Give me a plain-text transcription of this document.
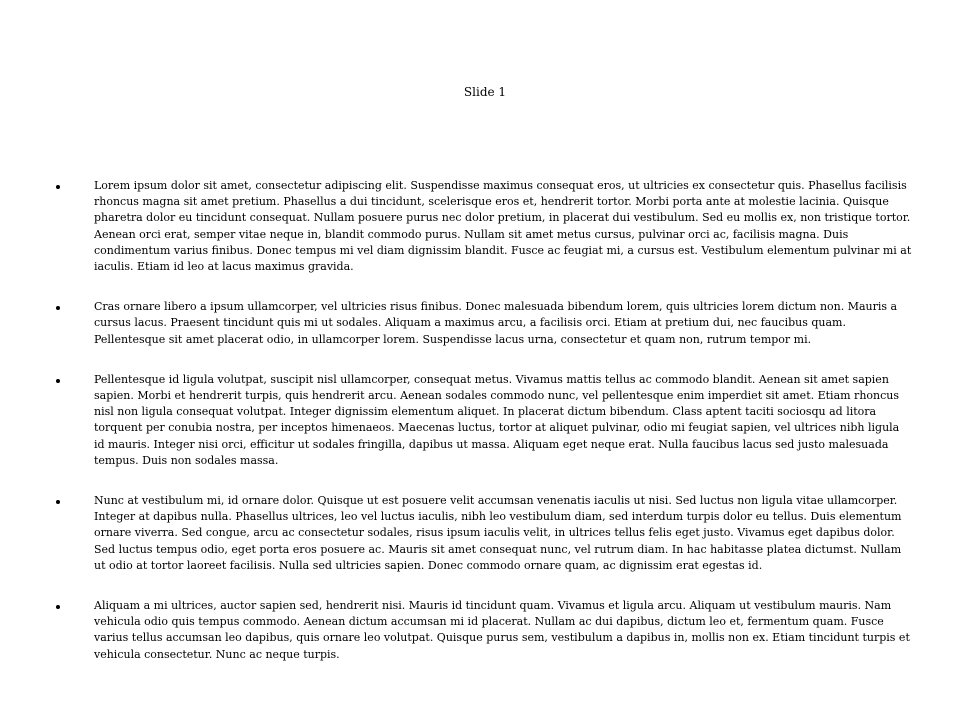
Slide 1
Lorem ipsum dolor sit amet, consectetur adipiscing elit. Suspendisse maximus consequat eros, ut ultricies ex consectetur quis. Phasellus facilisis rhoncus magna sit amet pretium. Phasellus a dui tincidunt, scelerisque eros et, hendrerit tortor. Morbi porta ante at molestie lacinia. Quisque pharetra dolor eu tincidunt consequat. Nullam posuere purus nec dolor pretium, in placerat dui vestibulum. Sed eu mollis ex, non tristique tortor. Aenean orci erat, semper vitae neque in, blandit commodo purus. Nullam sit amet metus cursus, pulvinar orci ac, facilisis magna. Duis condimentum varius finibus. Donec tempus mi vel diam dignissim blandit. Fusce ac feugiat mi, a cursus est. Vestibulum elementum pulvinar mi at iaculis. Etiam id leo at lacus maximus gravida.
Cras ornare libero a ipsum ullamcorper, vel ultricies risus finibus. Donec malesuada bibendum lorem, quis ultricies lorem dictum non. Mauris a cursus lacus. Praesent tincidunt quis mi ut sodales. Aliquam a maximus arcu, a facilisis orci. Etiam at pretium dui, nec faucibus quam. Pellentesque sit amet placerat odio, in ullamcorper lorem. Suspendisse lacus urna, consectetur et quam non, rutrum tempor mi.
Pellentesque id ligula volutpat, suscipit nisl ullamcorper, consequat metus. Vivamus mattis tellus ac commodo blandit. Aenean sit amet sapien sapien. Morbi et hendrerit turpis, quis hendrerit arcu. Aenean sodales commodo nunc, vel pellentesque enim imperdiet sit amet. Etiam rhoncus nisl non ligula consequat volutpat. Integer dignissim elementum aliquet. In placerat dictum bibendum. Class aptent taciti sociosqu ad litora torquent per conubia nostra, per inceptos himenaeos. Maecenas luctus, tortor at aliquet pulvinar, odio mi feugiat sapien, vel ultrices nibh ligula id mauris. Integer nisi orci, efficitur ut sodales fringilla, dapibus ut massa. Aliquam eget neque erat. Nulla faucibus lacus sed justo malesuada tempus. Duis non sodales massa.
Nunc at vestibulum mi, id ornare dolor. Quisque ut est posuere velit accumsan venenatis iaculis ut nisi. Sed luctus non ligula vitae ullamcorper. Integer at dapibus nulla. Phasellus ultrices, leo vel luctus iaculis, nibh leo vestibulum diam, sed interdum turpis dolor eu tellus. Duis elementum ornare viverra. Sed congue, arcu ac consectetur sodales, risus ipsum iaculis velit, in ultrices tellus felis eget justo. Vivamus eget dapibus dolor. Sed luctus tempus odio, eget porta eros posuere ac. Mauris sit amet consequat nunc, vel rutrum diam. In hac habitasse platea dictumst. Nullam ut odio at tortor laoreet facilisis. Nulla sed ultricies sapien. Donec commodo ornare quam, ac dignissim erat egestas id.
Aliquam a mi ultrices, auctor sapien sed, hendrerit nisi. Mauris id tincidunt quam. Vivamus et ligula arcu. Aliquam ut vestibulum mauris. Nam vehicula odio quis tempus commodo. Aenean dictum accumsan mi id placerat. Nullam ac dui dapibus, dictum leo et, fermentum quam. Fusce varius tellus accumsan leo dapibus, quis ornare leo volutpat. Quisque purus sem, vestibulum a dapibus in, mollis non ex. Etiam tincidunt turpis et vehicula consectetur. Nunc ac neque turpis.
